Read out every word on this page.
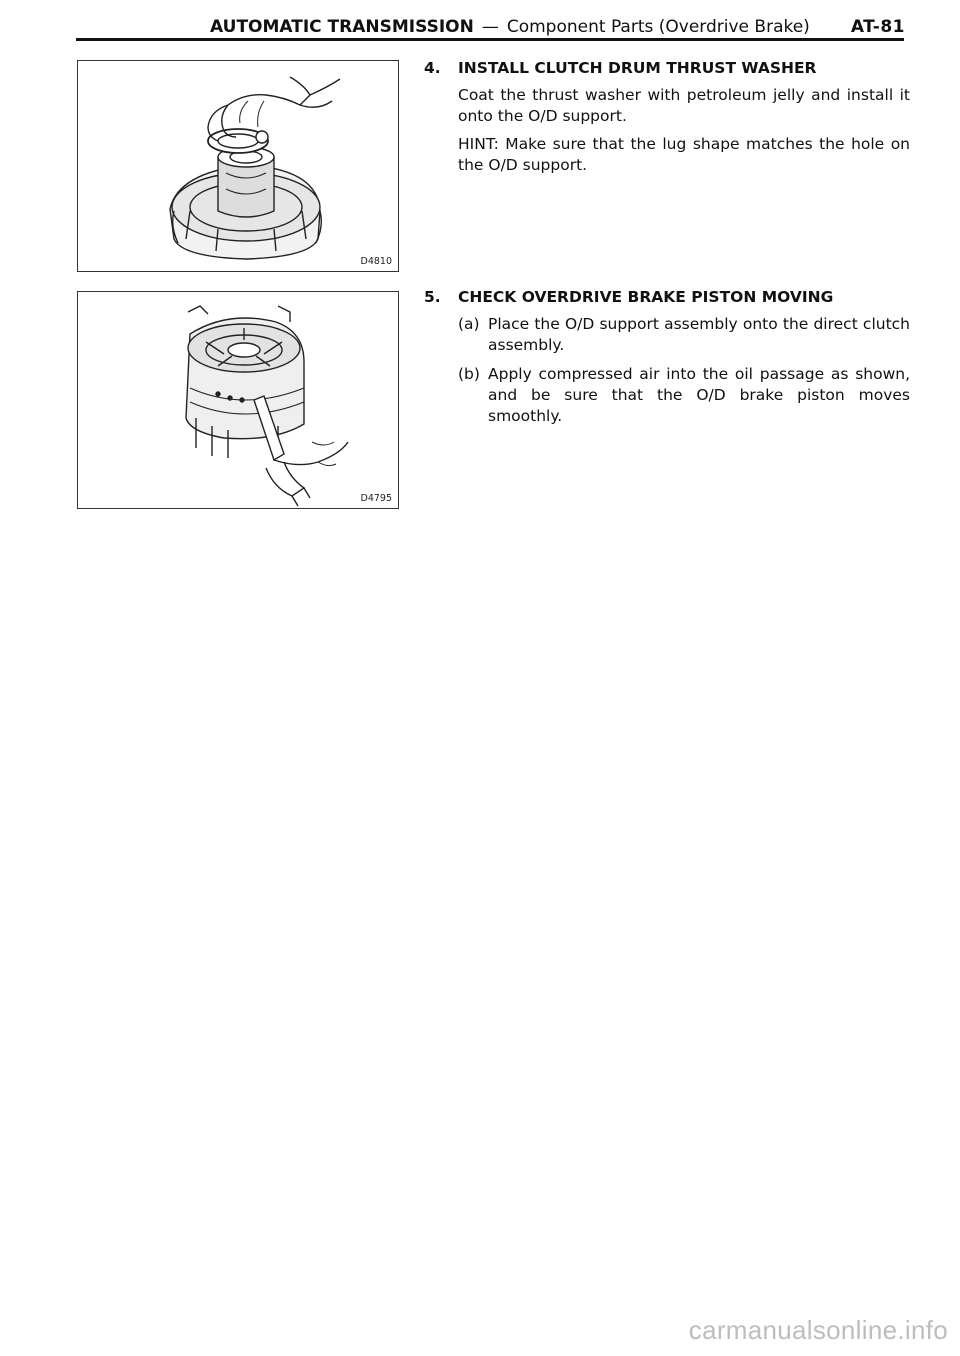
AUTOMATIC TRANSMISSION — Component Parts (Overdrive Brake) AT-81
D4810
D4795
4. INSTALL CLUTCH DRUM THRUST WASHER
Coat the thrust washer with petroleum jelly and install it onto the O/D support.
HINT: Make sure that the lug shape matches the hole on the O/D support.
5. CHECK OVERDRIVE BRAKE PISTON MOVING
(a) Place the O/D support assembly onto the direct clutch assembly.
(b) Apply compressed air into the oil passage as shown, and be sure that the O/D brake piston moves smoothly.
carmanualsonline.info
